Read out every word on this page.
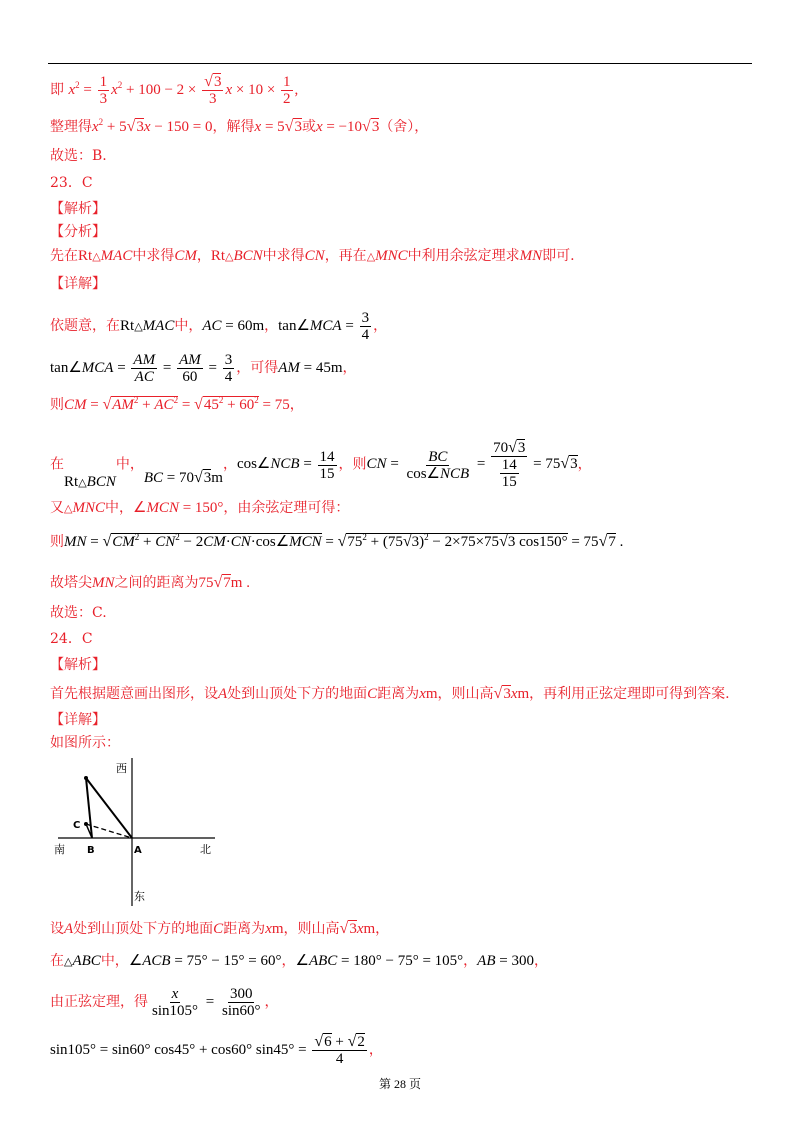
即 $x^2 = \frac{1}{3} x^2 + 100 - 2 \times \frac{√3}{3}$ $x \times 10 \times \frac{1}{2}$ ,
整理得$x^2 + 5√3x - 150 = 0$，解得x = 5√3或x = −10√3（舍），
故选：B.
23．C
【解析】
【分析】
先在Rt△MAC中求得CM，Rt△BCN中求得CN，再在△MNC中利用余弦定理求MN即可.
【详解】
依题意，在Rt△MAC中，AC = 60m，tan∠MCA = $\frac{3}{4}$ ，
tan∠MCA = $\frac{AM}{AC} = \frac{AM}{60} = \frac{3}{4}$ ，可得AM = 45m，
则CM = $√AM^2 + AC^2 = √45^2 + 60^2 = 75$，
在Rt△BCN中，BC = 70√3m，cos∠NCB = $\frac{14}{15}$ ，则CN = $\frac{BC}{\text{cos∠NCB}} = \frac{70√3}{\frac{14}{15}} = 75√3$，
又△MNC中，∠MCN = 150°，由余弦定理可得：
则MN = $√CM^2 + CN^2$ − 2CM·CN·cos∠MCN = $√75^2 + (75√3)^2 - 2\times 75\times 75√3$ cos150° = 75√7 .
故塔尖MN之间的距离为75√7m .
故选：C.
24．C
【解析】
首先根据题意画出图形，设A处到山顶处下方的地面C距离为xm，则山高√3xm，再利用正弦定理即可得到答案.
【详解】
如图所示：
西
南	北
东
A
B
C
设A处到山顶处下方的地面C距离为xm，则山高√3xm，
在△ABC中，∠ACB = 75° − 15° = 60°，∠ABC = 180° − 75° = 105°，AB = 300，
由正弦定理，得 $\frac{x}{\sin 105^\circ} = \frac{300}{\sin 60^\circ}$ ，
sin105° = sin60° cos45° + cos60° $\sin 45^\circ = \frac{√6 + √2}{4}$ ，
第 28 页
